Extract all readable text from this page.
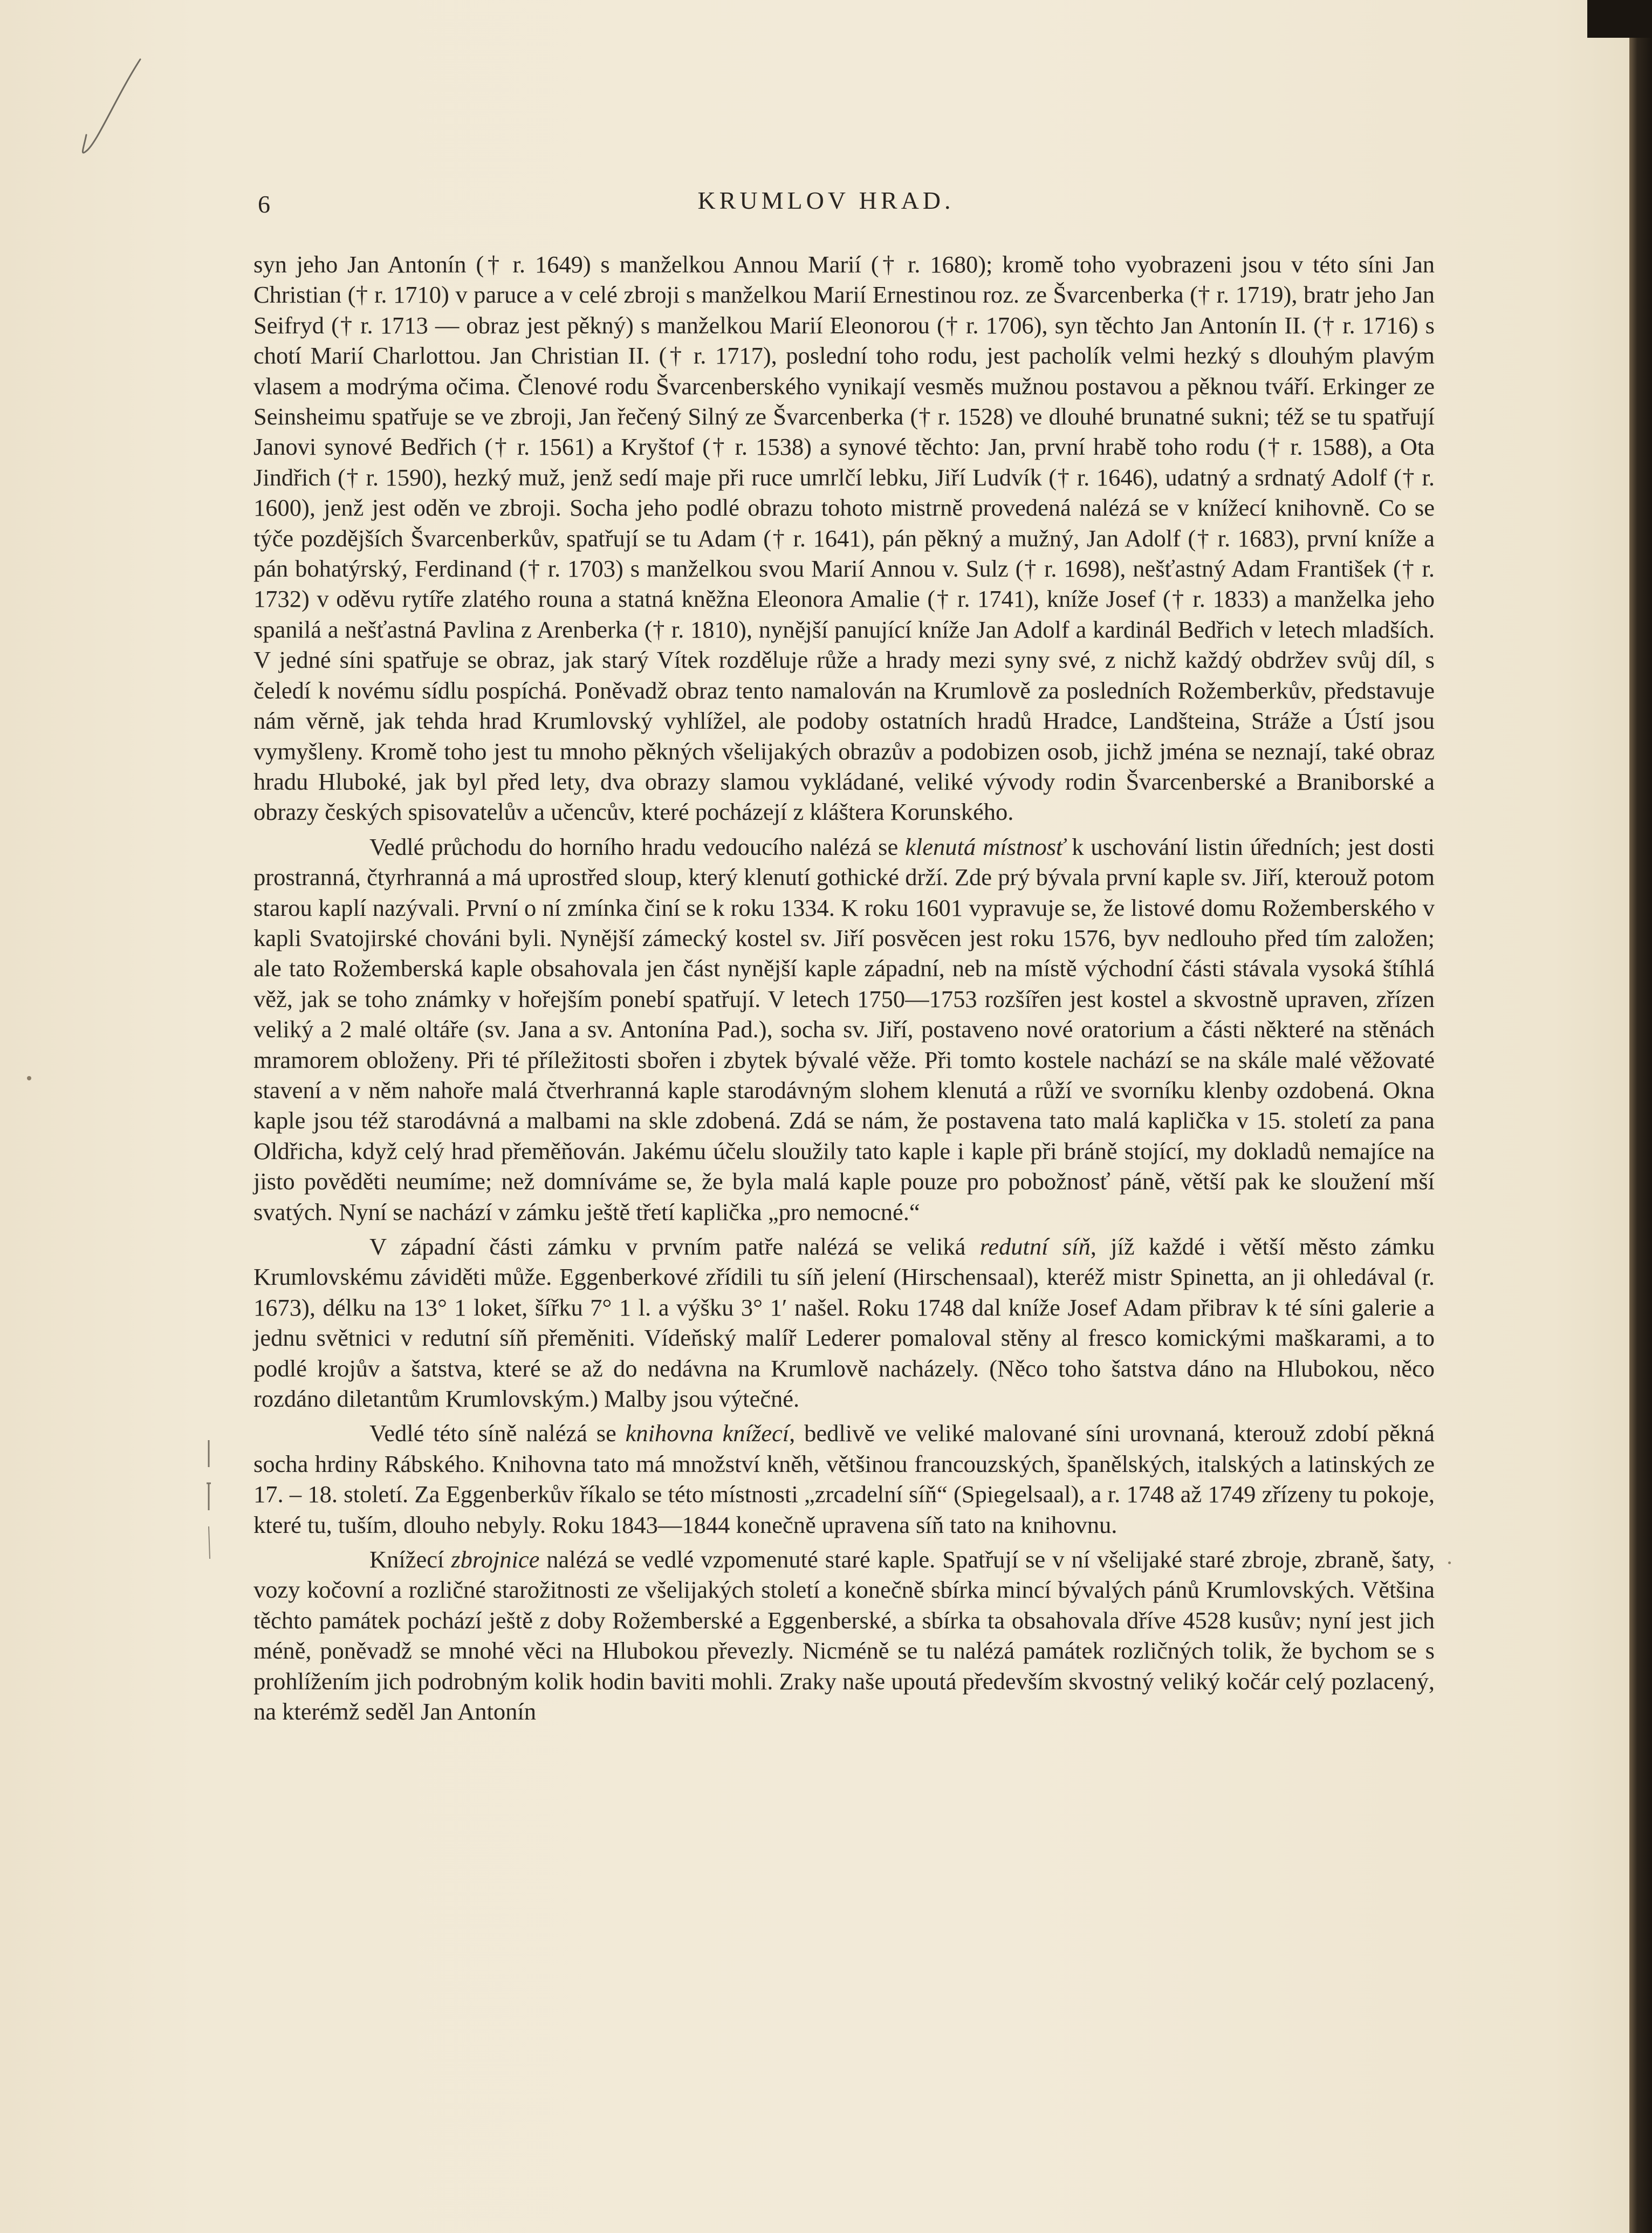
6	KRUMLOV HRAD.

syn jeho Jan Antonín († r. 1649) s manželkou Annou Marií († r. 1680); kromě toho vyobrazeni jsou v této síni Jan Christian († r. 1710) v paruce a v celé zbroji s manželkou Marií Ernestinou roz. ze Švarcenberka († r. 1719), bratr jeho Jan Seifryd († r. 1713 — obraz jest pěkný) s manželkou Marií Eleonorou († r. 1706), syn těchto Jan Antonín II. († r. 1716) s chotí Marií Charlottou. Jan Christian II. († r. 1717), poslední toho rodu, jest pacholík velmi hezký s dlouhým plavým vlasem a modrýma očima. Členové rodu Švarcenberského vynikají vesměs mužnou postavou a pěknou tváří. Erkinger ze Seinsheimu spatřuje se ve zbroji, Jan řečený Silný ze Švarcenberka († r. 1528) ve dlouhé brunatné sukni; též se tu spatřují Janovi synové Bedřich († r. 1561) a Kryštof († r. 1538) a synové těchto: Jan, první hrabě toho rodu († r. 1588), a Ota Jindřich († r. 1590), hezký muž, jenž sedí maje při ruce umrlčí lebku, Jiří Ludvík († r. 1646), udatný a srdnatý Adolf († r. 1600), jenž jest oděn ve zbroji. Socha jeho podlé obrazu tohoto mistrně provedená nalézá se v knížecí knihovně. Co se týče pozdějších Švarcenberkův, spatřují se tu Adam († r. 1641), pán pěkný a mužný, Jan Adolf († r. 1683), první kníže a pán bohatýrský, Ferdinand († r. 1703) s manželkou svou Marií Annou v. Sulz († r. 1698), nešťastný Adam František († r. 1732) v oděvu rytíře zlatého rouna a statná kněžna Eleonora Amalie († r. 1741), kníže Josef († r. 1833) a manželka jeho spanilá a nešťastná Pavlina z Arenberka († r. 1810), nynější panující kníže Jan Adolf a kardinál Bedřich v letech mladších. V jedné síni spatřuje se obraz, jak starý Vítek rozděluje růže a hrady mezi syny své, z nichž každý obdržev svůj díl, s čeledí k novému sídlu pospíchá. Poněvadž obraz tento namalován na Krumlově za posledních Rožemberkův, představuje nám věrně, jak tehda hrad Krumlovský vyhlížel, ale podoby ostatních hradů Hradce, Landšteina, Stráže a Ústí jsou vymyšleny. Kromě toho jest tu mnoho pěkných všelijakých obrazův a podobizen osob, jichž jména se neznají, také obraz hradu Hluboké, jak byl před lety, dva obrazy slamou vykládané, veliké vývody rodin Švarcenberské a Braniborské a obrazy českých spisovatelův a učencův, které pocházejí z kláštera Korunského.

Vedlé průchodu do horního hradu vedoucího nalézá se klenutá místnosť k uschování listin úředních; jest dosti prostranná, čtyrhranná a má uprostřed sloup, který klenutí gothické drží. Zde prý bývala první kaple sv. Jiří, kterouž potom starou kaplí nazývali. První o ní zmínka činí se k roku 1334. K roku 1601 vypravuje se, že listové domu Rožemberského v kapli Svatojirské chováni byli. Nynější zámecký kostel sv. Jiří posvěcen jest roku 1576, byv nedlouho před tím založen; ale tato Rožemberská kaple obsahovala jen část nynější kaple západní, neb na místě východní části stávala vysoká štíhlá věž, jak se toho známky v hořejším ponebí spatřují. V letech 1750—1753 rozšířen jest kostel a skvostně upraven, zřízen veliký a 2 malé oltáře (sv. Jana a sv. Antonína Pad.), socha sv. Jiří, postaveno nové oratorium a části některé na stěnách mramorem obloženy. Při té příležitosti sbořen i zbytek bývalé věže. Při tomto kostele nachází se na skále malé věžovaté stavení a v něm nahoře malá čtverhranná kaple starodávným slohem klenutá a růží ve svorníku klenby ozdobená. Okna kaple jsou též starodávná a malbami na skle zdobená. Zdá se nám, že postavena tato malá kaplička v 15. století za pana Oldřicha, když celý hrad přeměňován. Jakému účelu sloužily tato kaple i kaple při bráně stojící, my dokladů nemajíce na jisto pověděti neumíme; než domníváme se, že byla malá kaple pouze pro pobožnosť páně, větší pak ke sloužení mší svatých. Nyní se nachází v zámku ještě třetí kaplička „pro nemocné.“

V západní části zámku v prvním patře nalézá se veliká redutní síň, jíž každé i větší město zámku Krumlovskému záviděti může. Eggenberkové zřídili tu síň jelení (Hirschensaal), kteréž mistr Spinetta, an ji ohledával (r. 1673), délku na 13° 1 loket, šířku 7° 1 l. a výšku 3° 1′ našel. Roku 1748 dal kníže Josef Adam přibrav k té síni galerie a jednu světnici v redutní síň přeměniti. Vídeňský malíř Lederer pomaloval stěny al fresco komickými maškarami, a to podlé krojův a šatstva, které se až do nedávna na Krumlově nacházely. (Něco toho šatstva dáno na Hlubokou, něco rozdáno diletantům Krumlovským.) Malby jsou výtečné.

Vedlé této síně nalézá se knihovna knížecí, bedlivě ve veliké malované síni urovnaná, kterouž zdobí pěkná socha hrdiny Rábského. Knihovna tato má množství kněh, většinou francouzských, španělských, italských a latinských ze 17. – 18. století. Za Eggenberkův říkalo se této místnosti „zrcadelní síň“ (Spiegelsaal), a r. 1748 až 1749 zřízeny tu pokoje, které tu, tuším, dlouho nebyly. Roku 1843—1844 konečně upravena síň tato na knihovnu.

Knížecí zbrojnice nalézá se vedlé vzpomenuté staré kaple. Spatřují se v ní všelijaké staré zbroje, zbraně, šaty, vozy kočovní a rozličné starožitnosti ze všelijakých století a konečně sbírka mincí bývalých pánů Krumlovských. Většina těchto památek pochází ještě z doby Rožemberské a Eggenberské, a sbírka ta obsahovala dříve 4528 kusův; nyní jest jich méně, poněvadž se mnohé věci na Hlubokou převezly. Nicméně se tu nalézá památek rozličných tolik, že bychom se s prohlížením jich podrobným kolik hodin baviti mohli. Zraky naše upoutá především skvostný veliký kočár celý pozlacený, na kterémž seděl Jan Antonín
